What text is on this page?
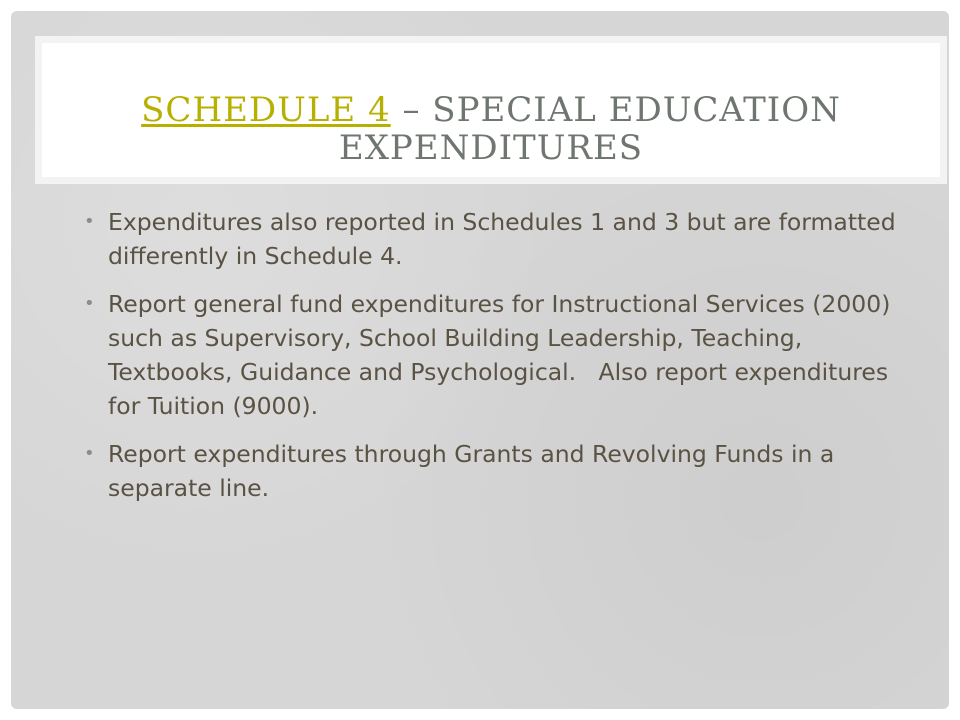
SCHEDULE 4 – SPECIAL EDUCATION
EXPENDITURES
• Expenditures also reported in Schedules 1 and 3 but are formatted differently in Schedule 4.
• Report general fund expenditures for Instructional Services (2000) such as Supervisory, School Building Leadership, Teaching, Textbooks, Guidance and Psychological.   Also report expenditures for Tuition (9000).
• Report expenditures through Grants and Revolving Funds in a separate line.
